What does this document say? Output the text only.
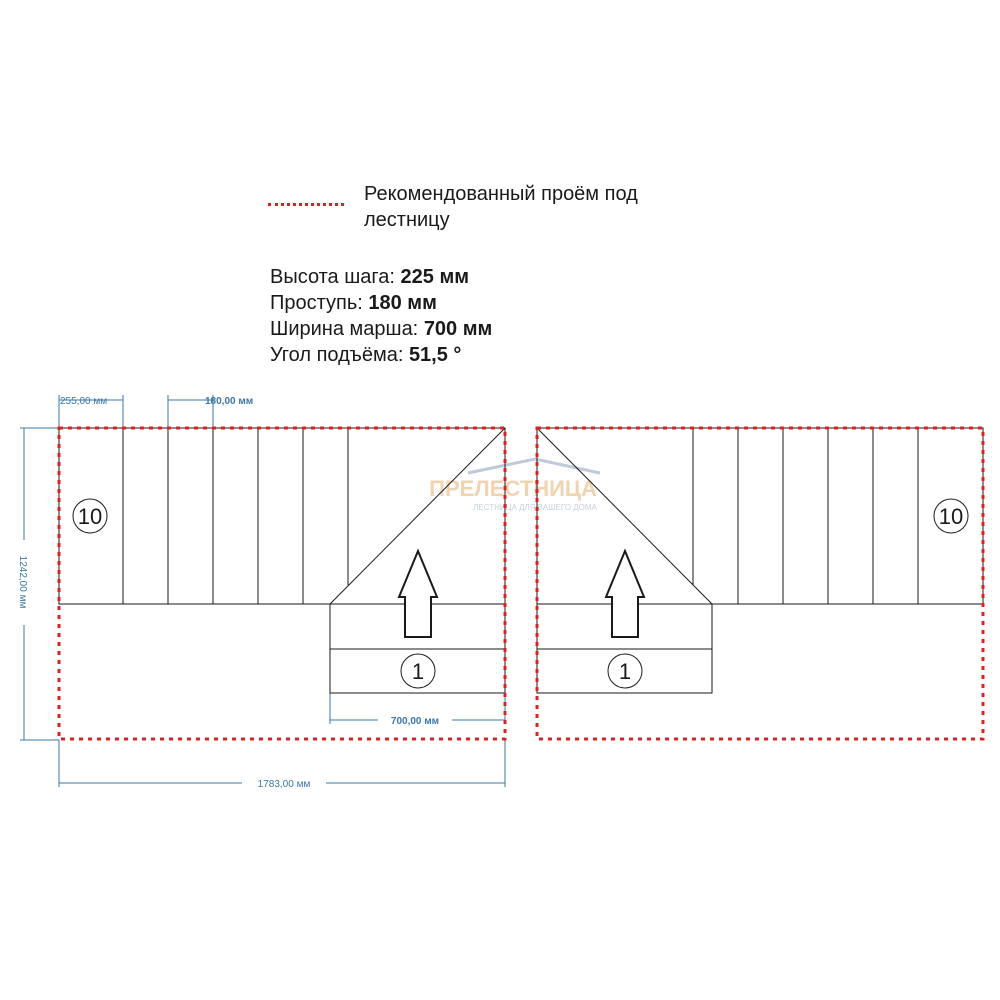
Рекомендованный проём под лестницу
Высота шага: 225 мм
Проступь: 180 мм
Ширина марша: 700 мм
Угол подъёма: 51,5 °
255,00 мм	180,00 мм
1242,00 мм
700,00 мм
1783,00 мм
ПРЕЛЕСТНИЦА
ЛЕСТНИЦА ДЛЯ ВАШЕГО ДОМА
10
1
10
1
